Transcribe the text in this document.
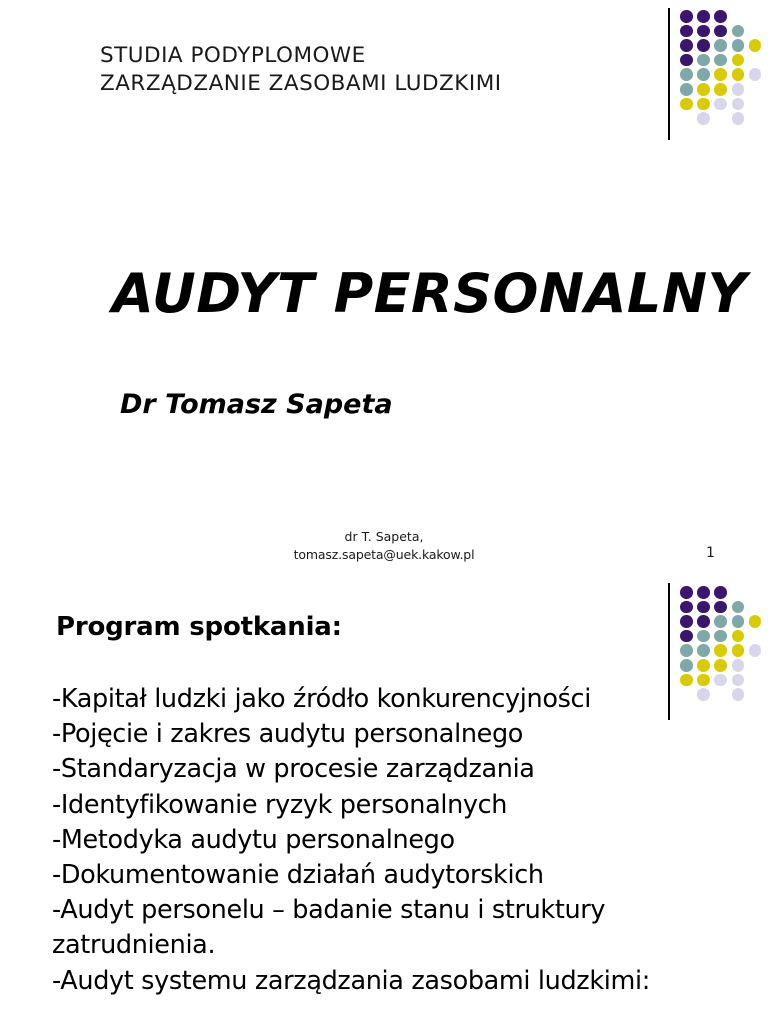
STUDIA PODYPLOMOWE
ZARZĄDZANIE ZASOBAMI LUDZKIMI
AUDYT PERSONALNY
Dr Tomasz Sapeta
dr T. Sapeta,
tomasz.sapeta@uek.kakow.pl	1
Program spotkania:
-Kapitał ludzki jako źródło konkurencyjności
-Pojęcie i zakres audytu personalnego
-Standaryzacja w procesie zarządzania
-Identyfikowanie ryzyk personalnych
-Metodyka audytu personalnego
-Dokumentowanie działań audytorskich
-Audyt personelu – badanie stanu i struktury zatrudnienia.
-Audyt systemu zarządzania zasobami ludzkimi:
